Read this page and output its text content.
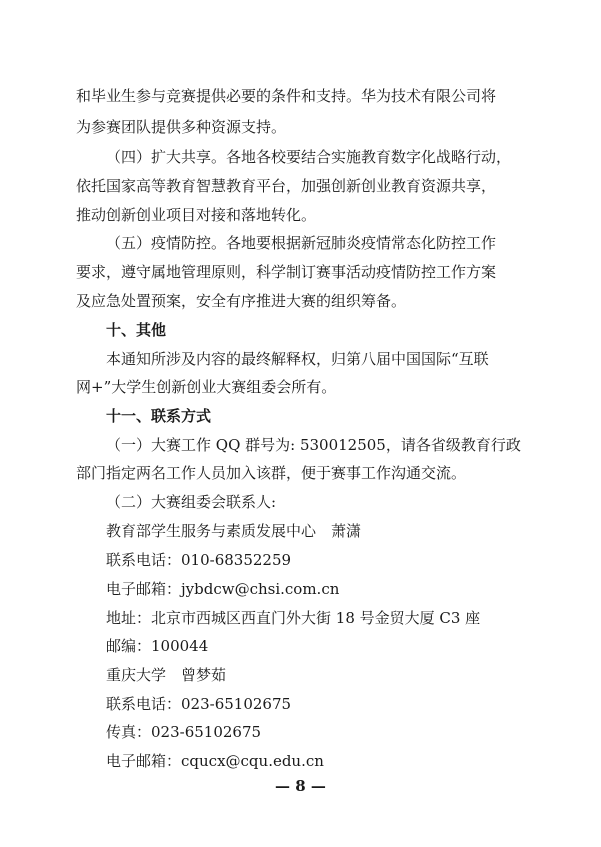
和毕业生参与竞赛提供必要的条件和支持。华为技术有限公司将
为参赛团队提供多种资源支持。
（四）扩大共享。各地各校要结合实施教育数字化战略行动，
依托国家高等教育智慧教育平台，加强创新创业教育资源共享，
推动创新创业项目对接和落地转化。
（五）疫情防控。各地要根据新冠肺炎疫情常态化防控工作
要求，遵守属地管理原则，科学制订赛事活动疫情防控工作方案
及应急处置预案，安全有序推进大赛的组织筹备。
十、其他
本通知所涉及内容的最终解释权，归第八届中国国际“互联
网+”大学生创新创业大赛组委会所有。
十一、联系方式
（一）大赛工作 QQ 群号为: 530012505，请各省级教育行政
部门指定两名工作人员加入该群，便于赛事工作沟通交流。
（二）大赛组委会联系人:
教育部学生服务与素质发展中心　萧潇
联系电话：010-68352259
电子邮箱：jybdcw@chsi.com.cn
地址：北京市西城区西直门外大街 18 号金贸大厦 C3 座
邮编：100044
重庆大学　曾梦茹
联系电话：023-65102675
传真：023-65102675
电子邮箱：cqucx@cqu.edu.cn
— 8 —
